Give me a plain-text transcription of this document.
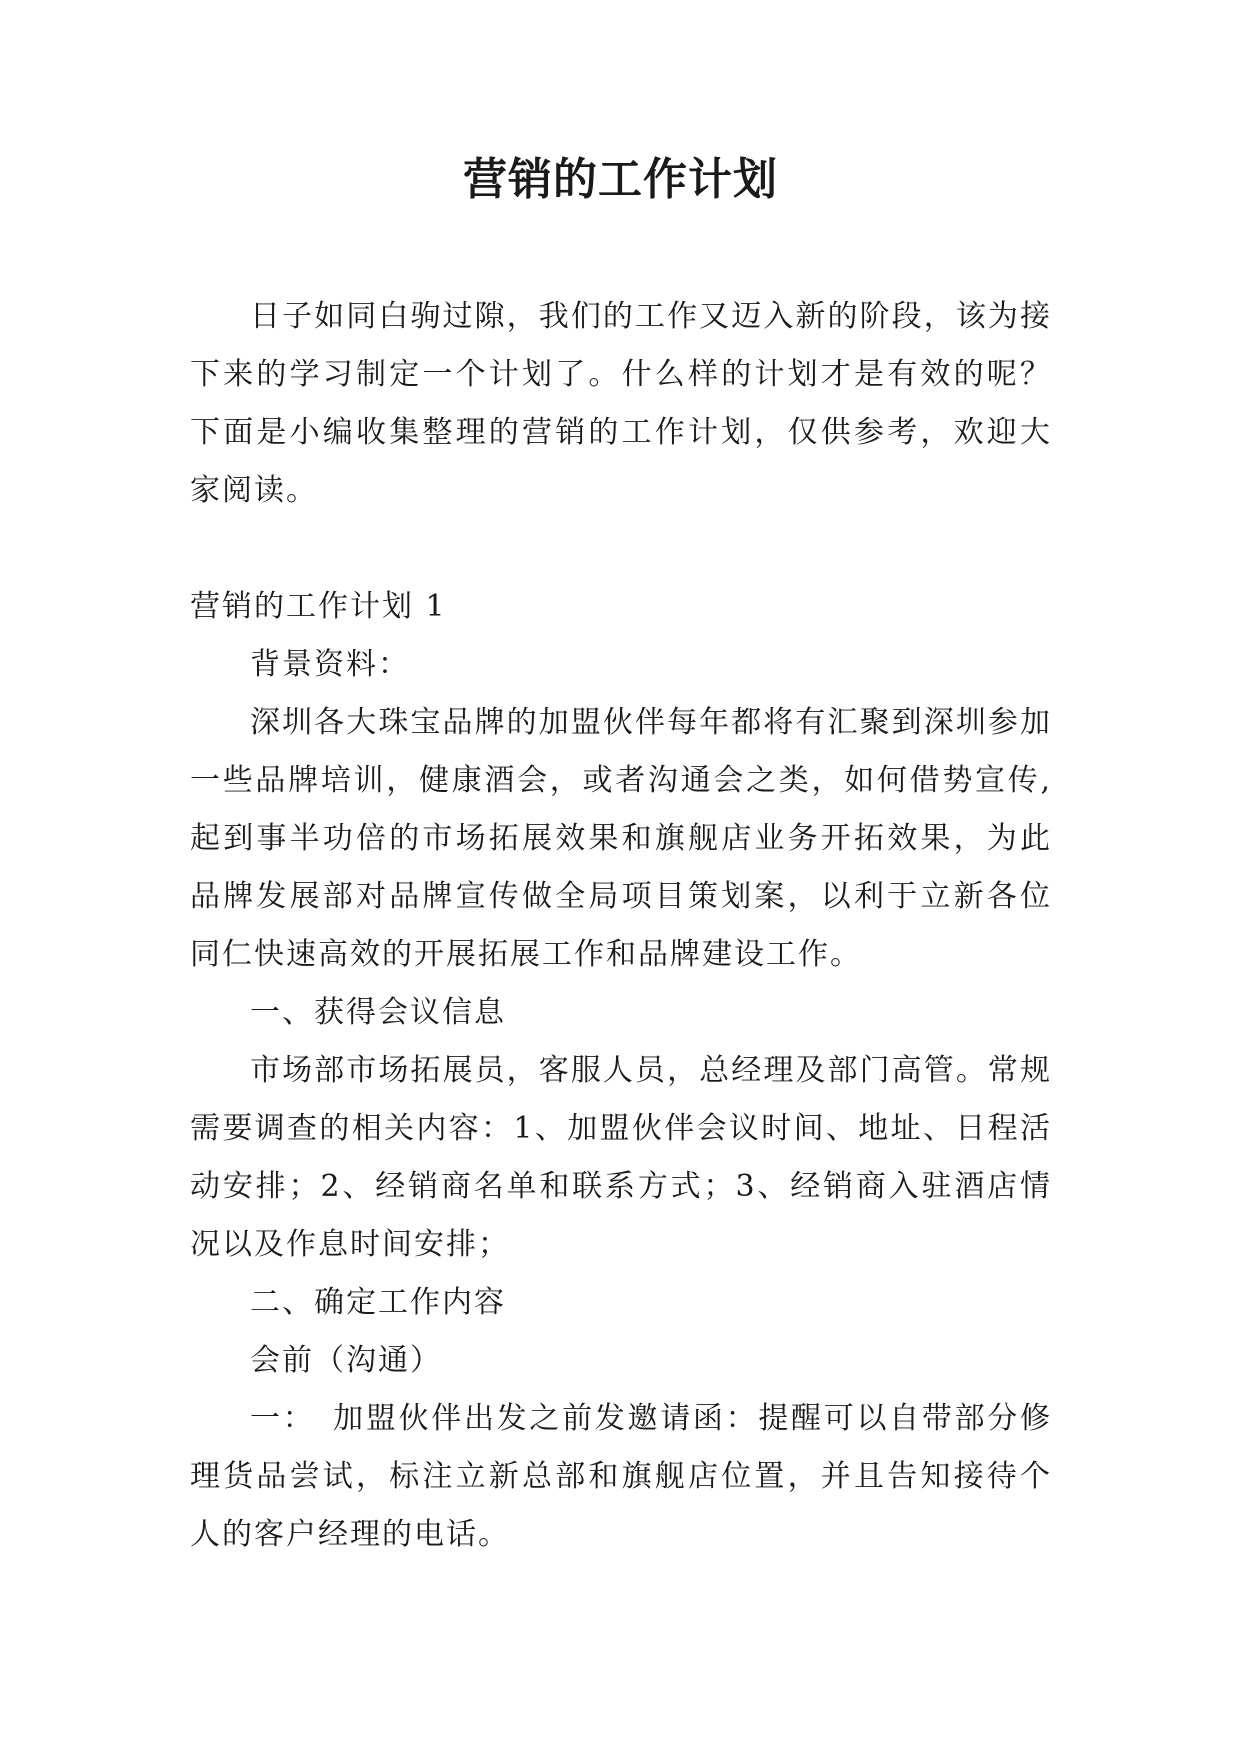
营销的工作计划

日子如同白驹过隙，我们的工作又迈入新的阶段，该为接下来的学习制定一个计划了。什么样的计划才是有效的呢？下面是小编收集整理的营销的工作计划，仅供参考，欢迎大家阅读。

营销的工作计划 1

背景资料：

深圳各大珠宝品牌的加盟伙伴每年都将有汇聚到深圳参加一些品牌培训，健康酒会，或者沟通会之类，如何借势宣传,起到事半功倍的市场拓展效果和旗舰店业务开拓效果，为此品牌发展部对品牌宣传做全局项目策划案，以利于立新各位同仁快速高效的开展拓展工作和品牌建设工作。

一、获得会议信息

市场部市场拓展员，客服人员，总经理及部门高管。常规需要调查的相关内容：1、加盟伙伴会议时间、地址、日程活动安排；2、经销商名单和联系方式；3、经销商入驻酒店情况以及作息时间安排；

二、确定工作内容

会前（沟通）

一：　加盟伙伴出发之前发邀请函：提醒可以自带部分修理货品尝试，标注立新总部和旗舰店位置，并且告知接待个人的客户经理的电话。
